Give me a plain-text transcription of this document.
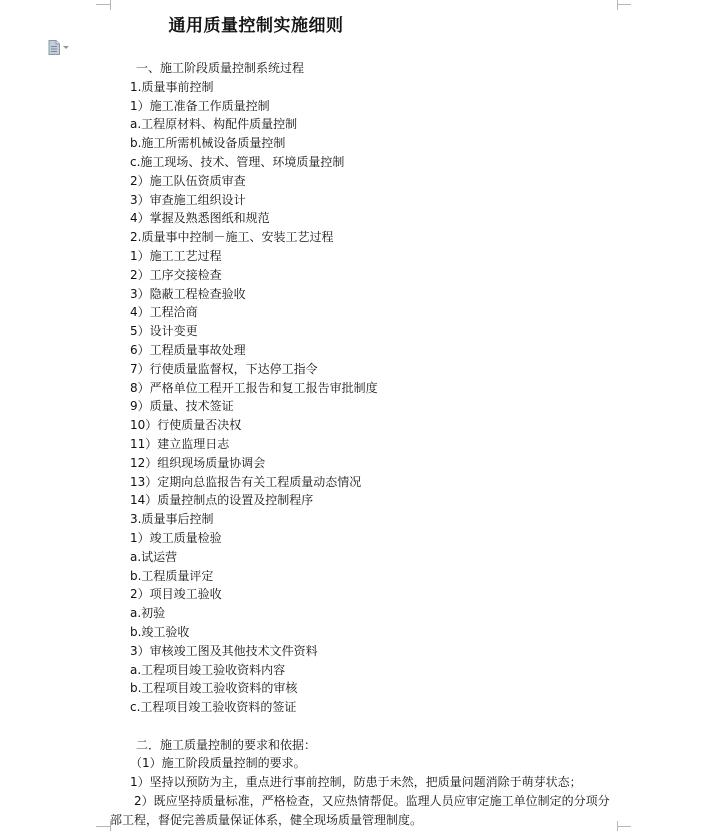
通用质量控制实施细则
一、施工阶段质量控制系统过程
1.质量事前控制
1）施工准备工作质量控制
a.工程原材料、构配件质量控制
b.施工所需机械设备质量控制
c.施工现场、技术、管理、环境质量控制
2）施工队伍资质审查
3）审查施工组织设计
4）掌握及熟悉图纸和规范
2.质量事中控制－施工、安装工艺过程
1）施工工艺过程
2）工序交接检查
3）隐蔽工程检查验收
4）工程洽商
5）设计变更
6）工程质量事故处理
7）行使质量监督权，下达停工指令
8）严格单位工程开工报告和复工报告审批制度
9）质量、技术签证
10）行使质量否决权
11）建立监理日志
12）组织现场质量协调会
13）定期向总监报告有关工程质量动态情况
14）质量控制点的设置及控制程序
3.质量事后控制
1）竣工质量检验
a.试运营
b.工程质量评定
2）项目竣工验收
a.初验
b.竣工验收
3）审核竣工图及其他技术文件资料
a.工程项目竣工验收资料内容
b.工程项目竣工验收资料的审核
c.工程项目竣工验收资料的签证
二．施工质量控制的要求和依据：
（1）施工阶段质量控制的要求。
1）坚持以预防为主，重点进行事前控制，防患于未然，把质量问题消除于萌芽状态；
2）既应坚持质量标准，严格检查，又应热情帮促。监理人员应审定施工单位制定的分项分部工程，督促完善质量保证体系，健全现场质量管理制度。
